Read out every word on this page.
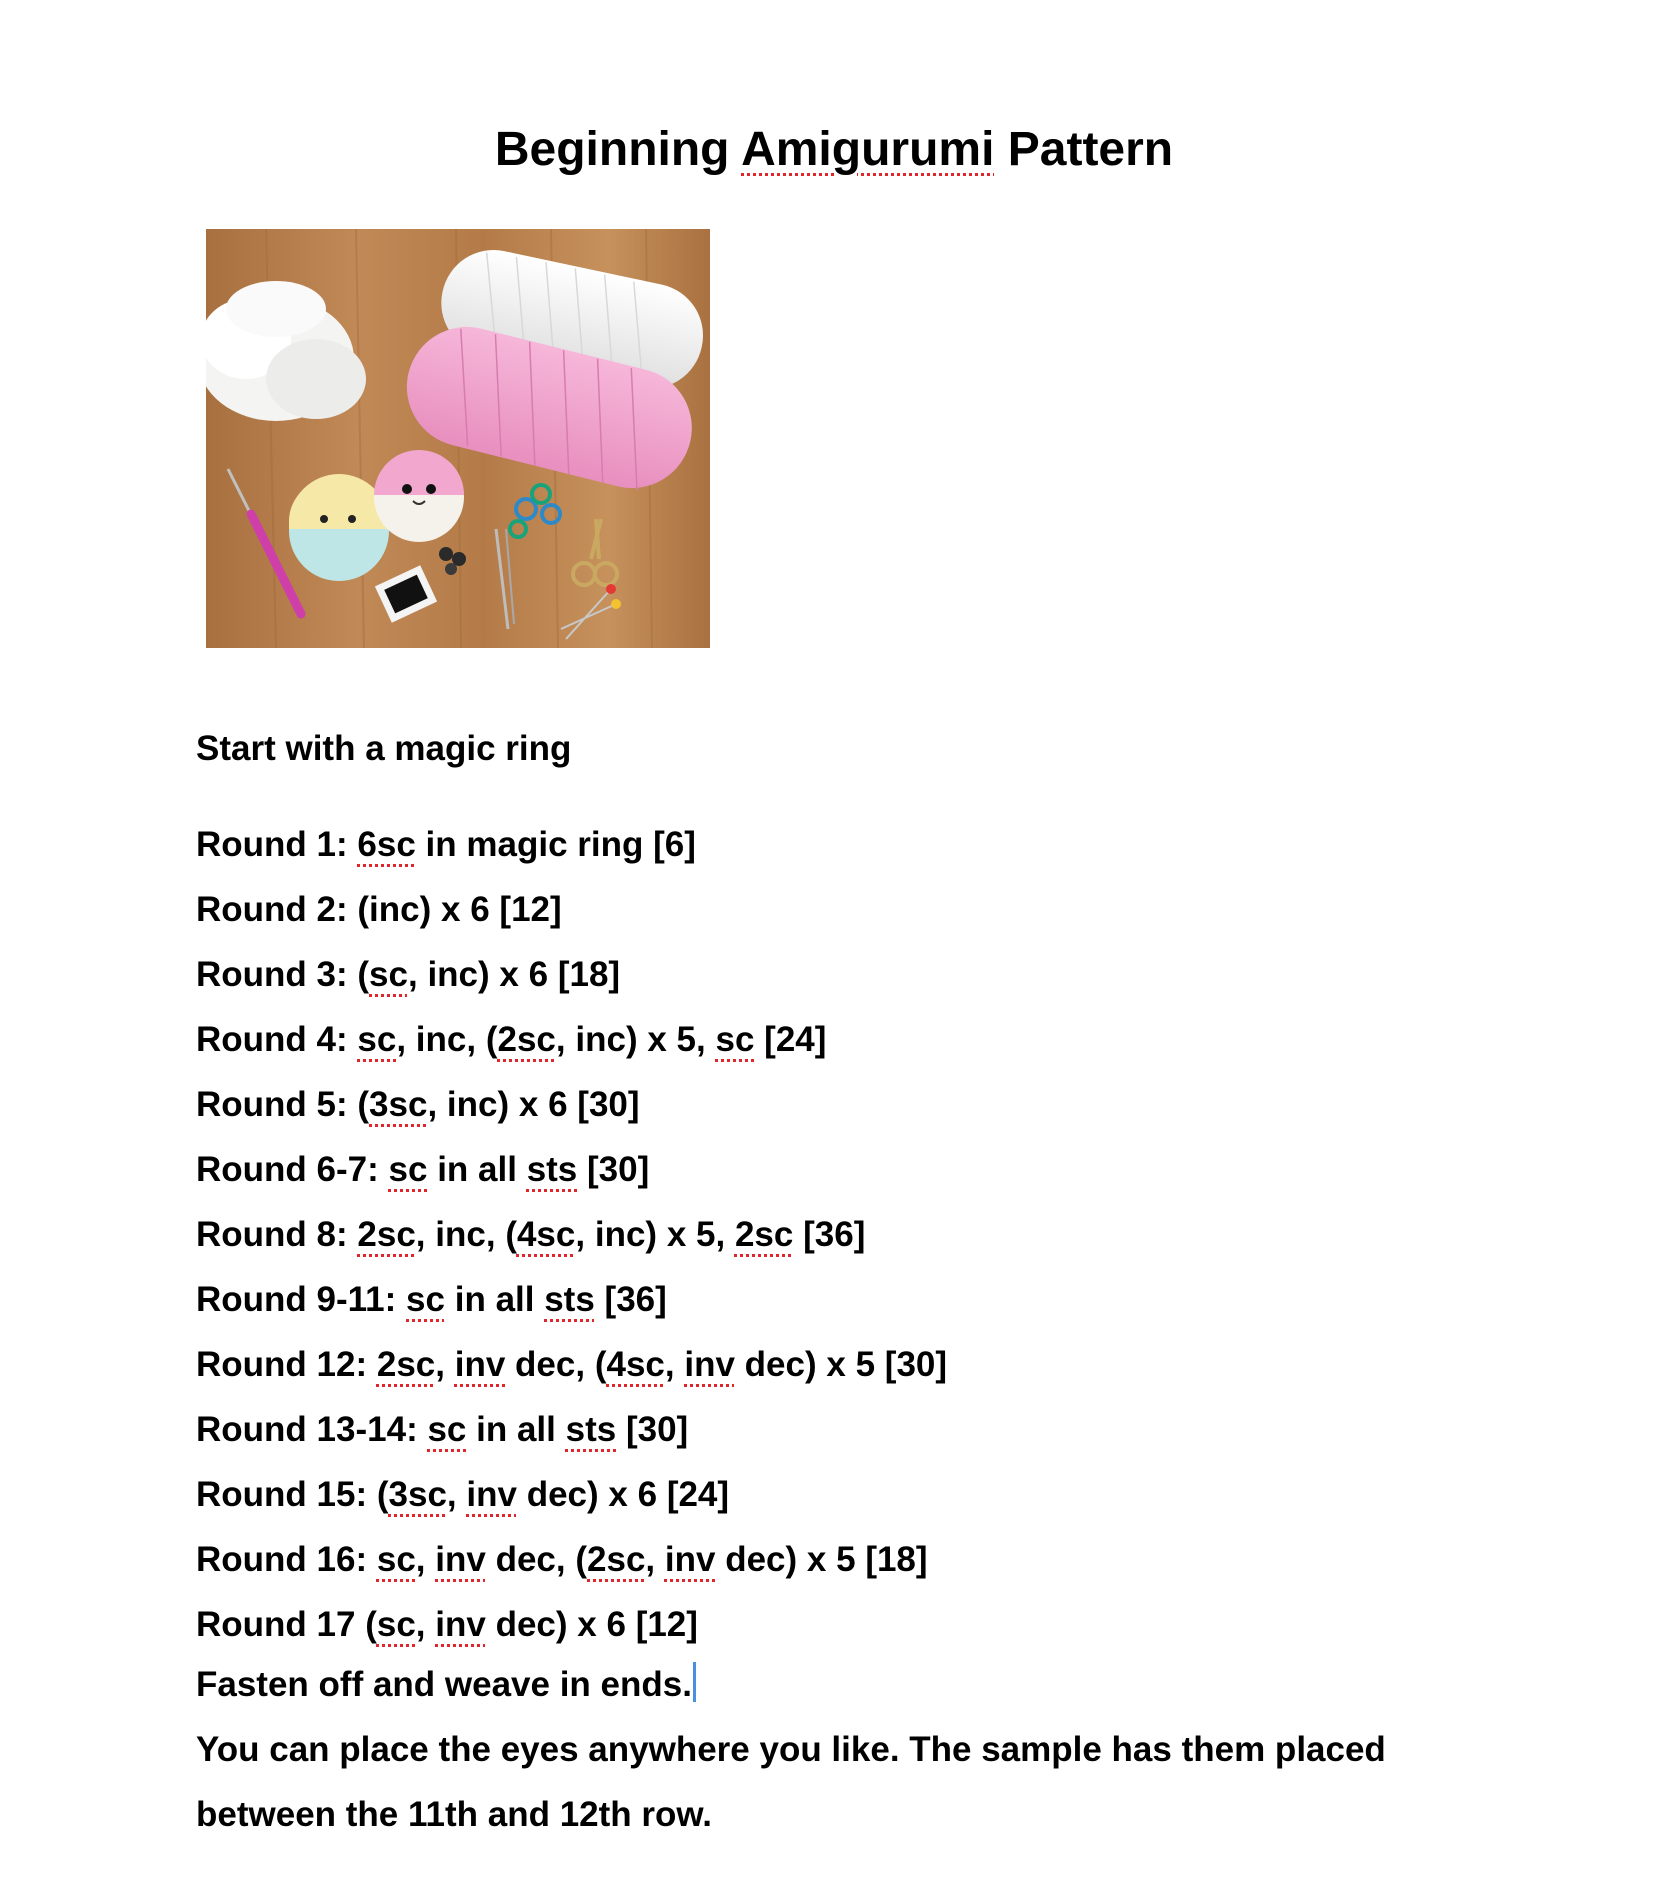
Beginning Amigurumi Pattern

Start with a magic ring

Round 1: 6sc in magic ring [6]
Round 2: (inc) x 6 [12]
Round 3: (sc, inc) x 6 [18]
Round 4: sc, inc, (2sc, inc) x 5, sc [24]
Round 5: (3sc, inc) x 6 [30]
Round 6-7: sc in all sts [30]
Round 8: 2sc, inc, (4sc, inc) x 5, 2sc [36]
Round 9-11: sc in all sts [36]
Round 12: 2sc, inv dec, (4sc, inv dec) x 5 [30]
Round 13-14: sc in all sts [30]
Round 15: (3sc, inv dec) x 6 [24]
Round 16: sc, inv dec, (2sc, inv dec) x 5 [18]
Round 17 (sc, inv dec) x 6 [12]

Fasten off and weave in ends.

You can place the eyes anywhere you like. The sample has them placed between the 11th and 12th row.
